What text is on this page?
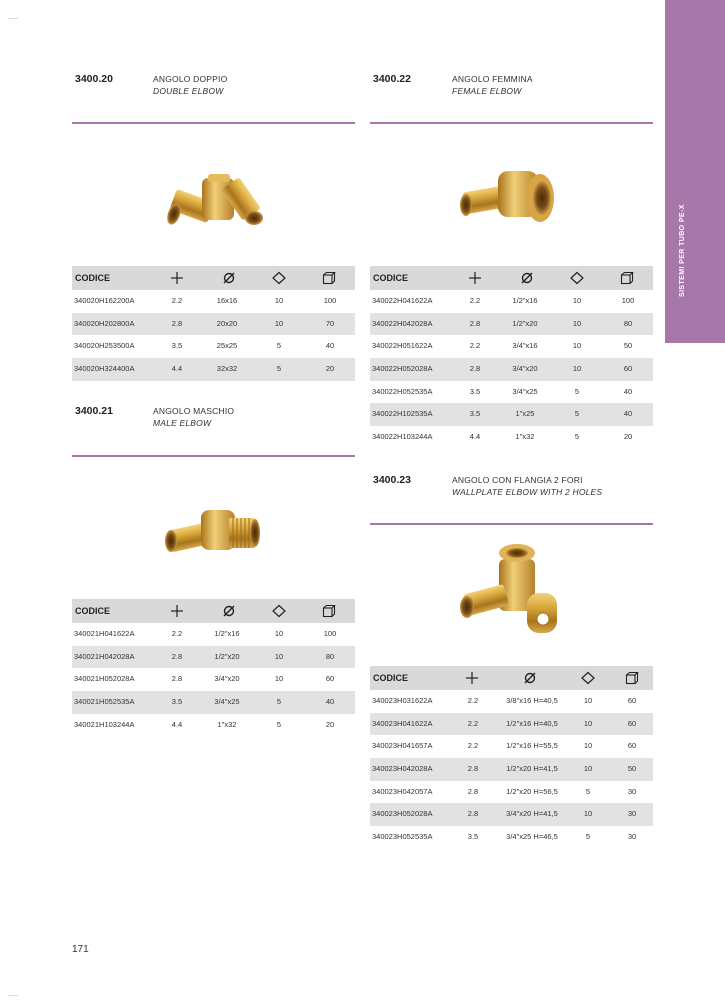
SISTEMI PER TUBO PE-X
3400.20	ANGOLO DOPPIO
DOUBLE ELBOW
CODICE
340020H162200A	2.2	16x16	10	100
340020H202800A	2.8	20x20	10	70
340020H253500A	3.5	25x25	5	40
340020H324400A	4.4	32x32	5	20
3400.21	ANGOLO MASCHIO
MALE ELBOW
CODICE
340021H041622A	2.2	1/2"x16	10	100
340021H042028A	2.8	1/2"x20	10	80
340021H052028A	2.8	3/4"x20	10	60
340021H052535A	3.5	3/4"x25	5	40
340021H103244A	4.4	1"x32	5	20
3400.22	ANGOLO FEMMINA
FEMALE ELBOW
CODICE
340022H041622A	2.2	1/2"x16	10	100
340022H042028A	2.8	1/2"x20	10	80
340022H051622A	2.2	3/4"x16	10	50
340022H052028A	2.8	3/4"x20	10	60
340022H052535A	3.5	3/4"x25	5	40
340022H102535A	3.5	1"x25	5	40
340022H103244A	4.4	1"x32	5	20
3400.23	ANGOLO CON FLANGIA 2 FORI
WALLPLATE ELBOW WITH 2 HOLES
CODICE
340023H031622A	2.2	3/8"x16 H=40,5	10	60
340023H041622A	2.2	1/2"x16 H=40,5	10	60
340023H041657A	2.2	1/2"x16 H=55,5	10	60
340023H042028A	2.8	1/2"x20 H=41,5	10	50
340023H042057A	2.8	1/2"x20 H=56,5	5	30
340023H052028A	2.8	3/4"x20 H=41,5	10	30
340023H052535A	3.5	3/4"x25 H=46,5	5	30
171
